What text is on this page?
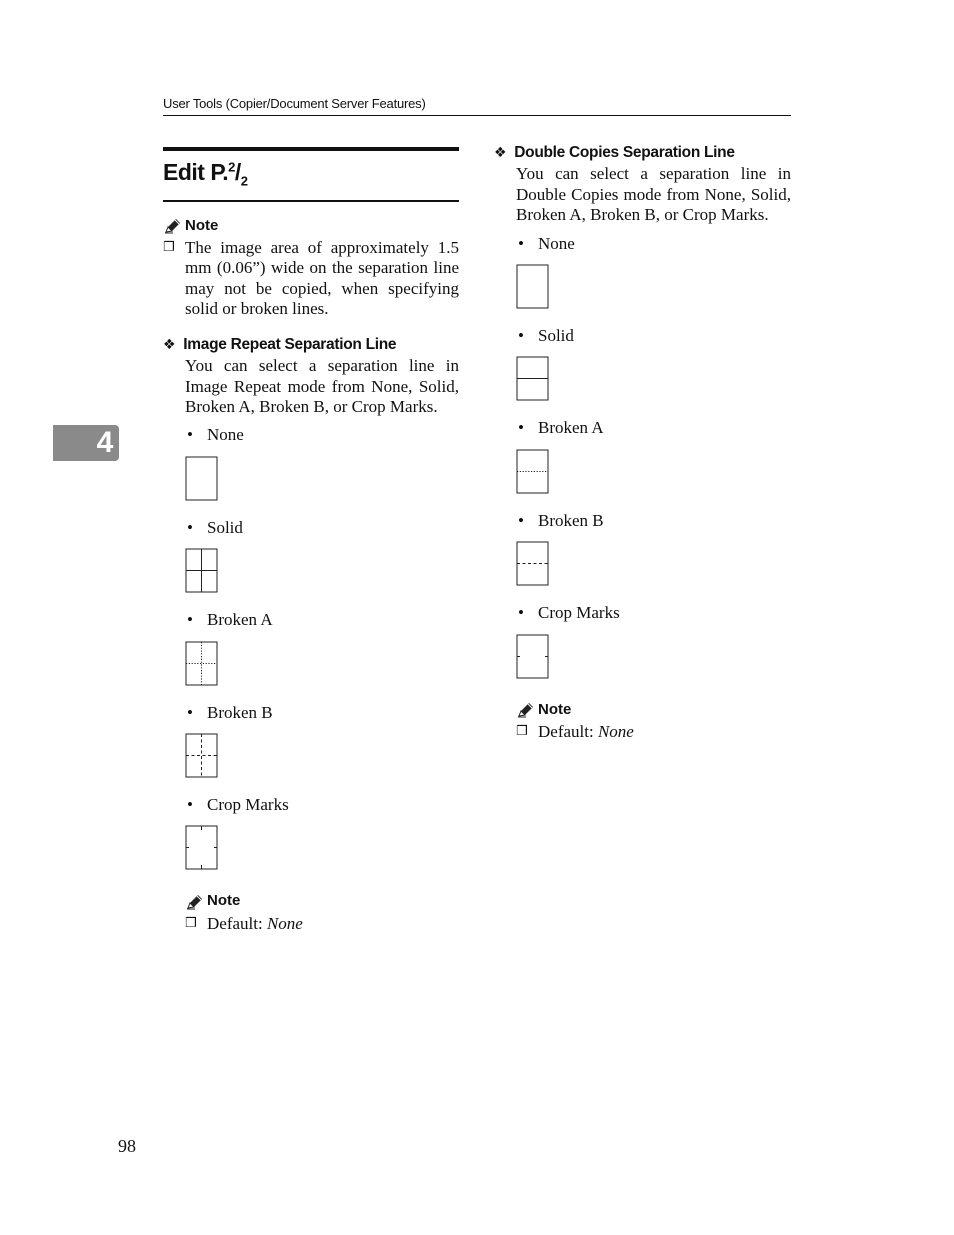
User Tools (Copier/Document Server Features)
4
Edit $P.^2/_2$
Note
❒ The image area of approximately 1.5 mm (0.06”) wide on the separation line may not be copied, when specifying solid or broken lines.
❖ Image Repeat Separation Line
You can select a separation line in Image Repeat mode from None, Solid, Broken A, Broken B, or Crop Marks.
• None
• Solid
• Broken A
• Broken B
• Crop Marks
Note
❒ Default: None
❖ Double Copies Separation Line
You can select a separation line in Double Copies mode from None, Solid, Broken A, Broken B, or Crop Marks.
• None
• Solid
• Broken A
• Broken B
• Crop Marks
Note
❒ Default: None
98
